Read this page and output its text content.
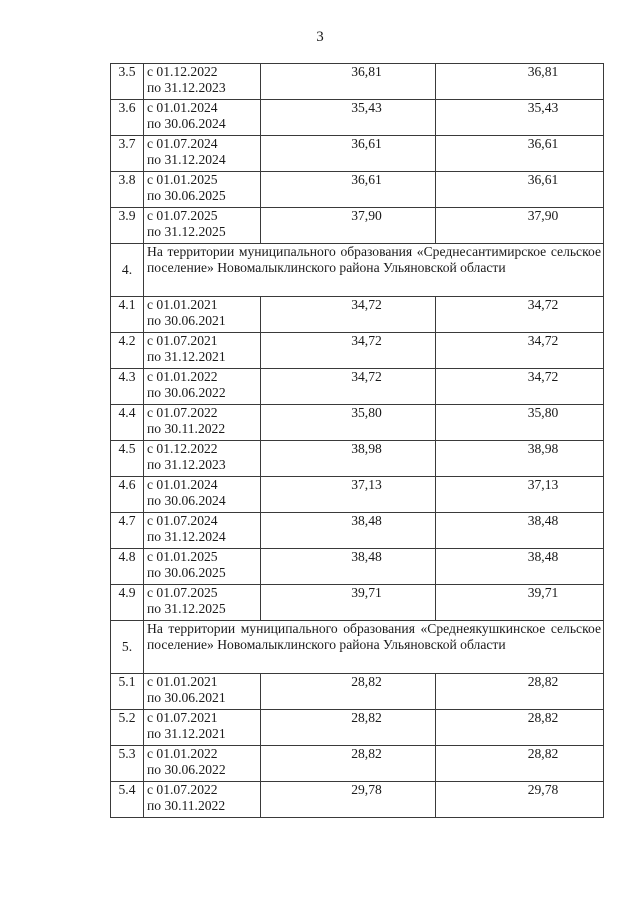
3
3.5	с 01.12.2022
по 31.12.2023	36,81	36,81
3.6	с 01.01.2024
по 30.06.2024	35,43	35,43
3.7	с 01.07.2024
по 31.12.2024	36,61	36,61
3.8	с 01.01.2025
по 30.06.2025	36,61	36,61
3.9	с 01.07.2025
по 31.12.2025	37,90	37,90
4.	На территории муниципального образования «Среднесантимирское сельское поселение» Новомалыклинского района Ульяновской области		
4.1	с 01.01.2021
по 30.06.2021	34,72	34,72
4.2	с 01.07.2021
по 31.12.2021	34,72	34,72
4.3	с 01.01.2022
по 30.06.2022	34,72	34,72
4.4	с 01.07.2022
по 30.11.2022	35,80	35,80
4.5	с 01.12.2022
по 31.12.2023	38,98	38,98
4.6	с 01.01.2024
по 30.06.2024	37,13	37,13
4.7	с 01.07.2024
по 31.12.2024	38,48	38,48
4.8	с 01.01.2025
по 30.06.2025	38,48	38,48
4.9	с 01.07.2025
по 31.12.2025	39,71	39,71
5.	На территории муниципального образования «Среднеякушкинское сельское поселение» Новомалыклинского района Ульяновской области		
5.1	с 01.01.2021
по 30.06.2021	28,82	28,82
5.2	с 01.07.2021
по 31.12.2021	28,82	28,82
5.3	с 01.01.2022
по 30.06.2022	28,82	28,82
5.4	с 01.07.2022
по 30.11.2022	29,78	29,78
